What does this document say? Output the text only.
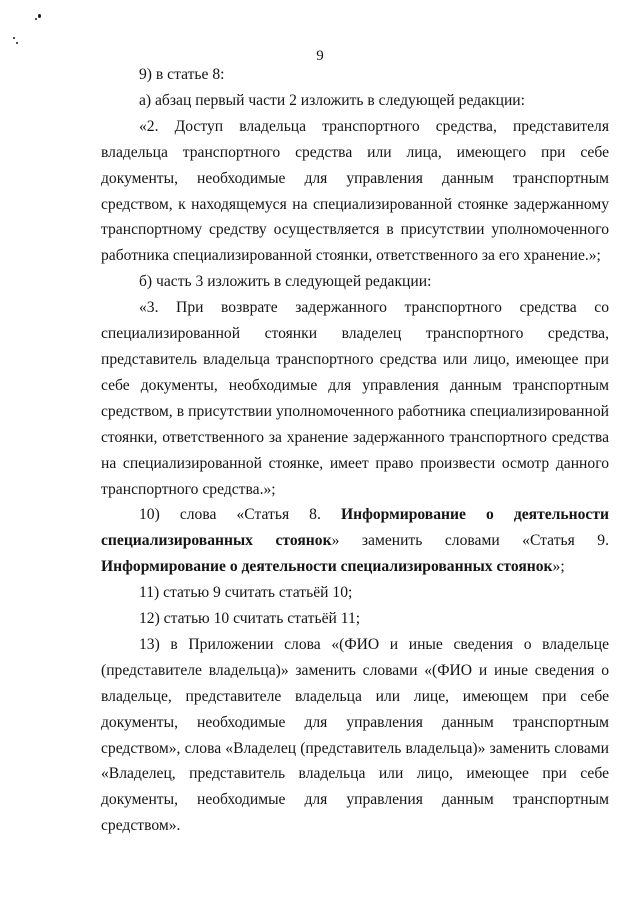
9

9) в статье 8:

а) абзац первый части 2 изложить в следующей редакции:

«2. Доступ владельца транспортного средства, представителя владельца транспортного средства или лица, имеющего при себе документы, необходимые для управления данным транспортным средством, к находящемуся на специализированной стоянке задержанному транспортному средству осуществляется в присутствии уполномоченного работника специализированной стоянки, ответственного за его хранение.»;

б) часть 3 изложить в следующей редакции:

«3. При возврате задержанного транспортного средства со специализированной стоянки владелец транспортного средства, представитель владельца транспортного средства или лицо, имеющее при себе документы, необходимые для управления данным транспортным средством, в присутствии уполномоченного работника специализированной стоянки, ответственного за хранение задержанного транспортного средства на специализированной стоянке, имеет право произвести осмотр данного транспортного средства.»;

10) слова «Статья 8. Информирование о деятельности специализированных стоянок» заменить словами «Статья 9. Информирование о деятельности специализированных стоянок»;

11) статью 9 считать статьёй 10;

12) статью 10 считать статьёй 11;

13) в Приложении слова «(ФИО и иные сведения о владельце (представителе владельца)» заменить словами «(ФИО и иные сведения о владельце, представителе владельца или лице, имеющем при себе документы, необходимые для управления данным транспортным средством», слова «Владелец (представитель владельца)» заменить словами «Владелец, представитель владельца или лицо, имеющее при себе документы, необходимые для управления данным транспортным средством».
